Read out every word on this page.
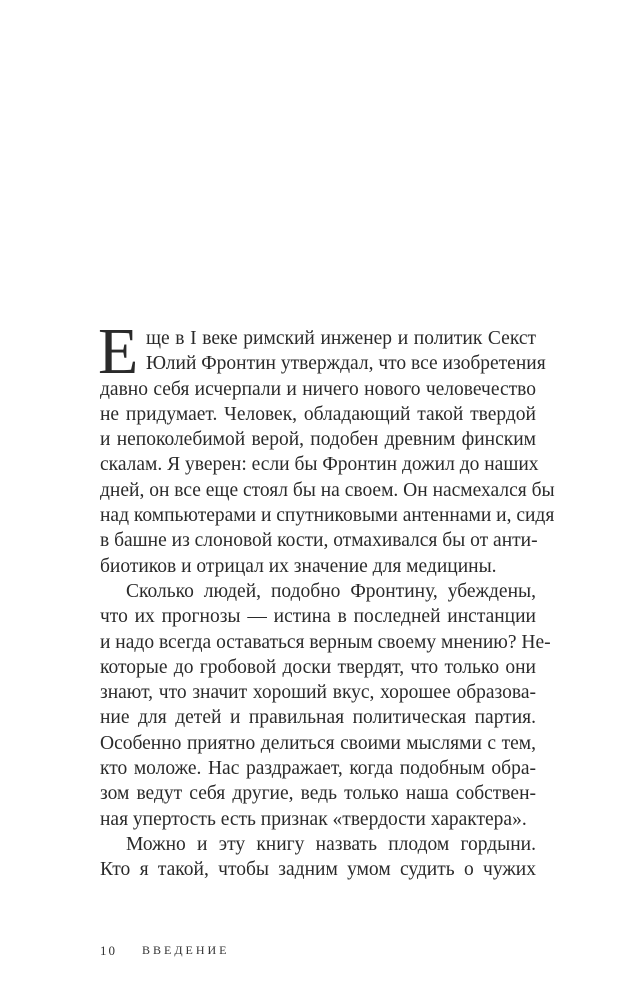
Е ще в I веке римский инженер и политик Секст
Юлий Фронтин утверждал, что все изобретения
давно себя исчерпали и ничего нового человечество
не придумает. Человек, обладающий такой твердой
и непоколебимой верой, подобен древним финским
скалам. Я уверен: если бы Фронтин дожил до наших
дней, он все еще стоял бы на своем. Он насмехался бы
над компьютерами и спутниковыми антеннами и, сидя
в башне из слоновой кости, отмахивался бы от анти-
биотиков и отрицал их значение для медицины.
Сколько людей, подобно Фронтину, убеждены,
что их прогнозы — истина в последней инстанции
и надо всегда оставаться верным своему мнению? Не-
которые до гробовой доски твердят, что только они
знают, что значит хороший вкус, хорошее образова-
ние для детей и правильная политическая партия.
Особенно приятно делиться своими мыслями с тем,
кто моложе. Нас раздражает, когда подобным обра-
зом ведут себя другие, ведь только наша собствен-
ная упертость есть признак «твердости характера».
Можно и эту книгу назвать плодом гордыни.
Кто я такой, чтобы задним умом судить о чужих
10 ВВЕДЕНИЕ
